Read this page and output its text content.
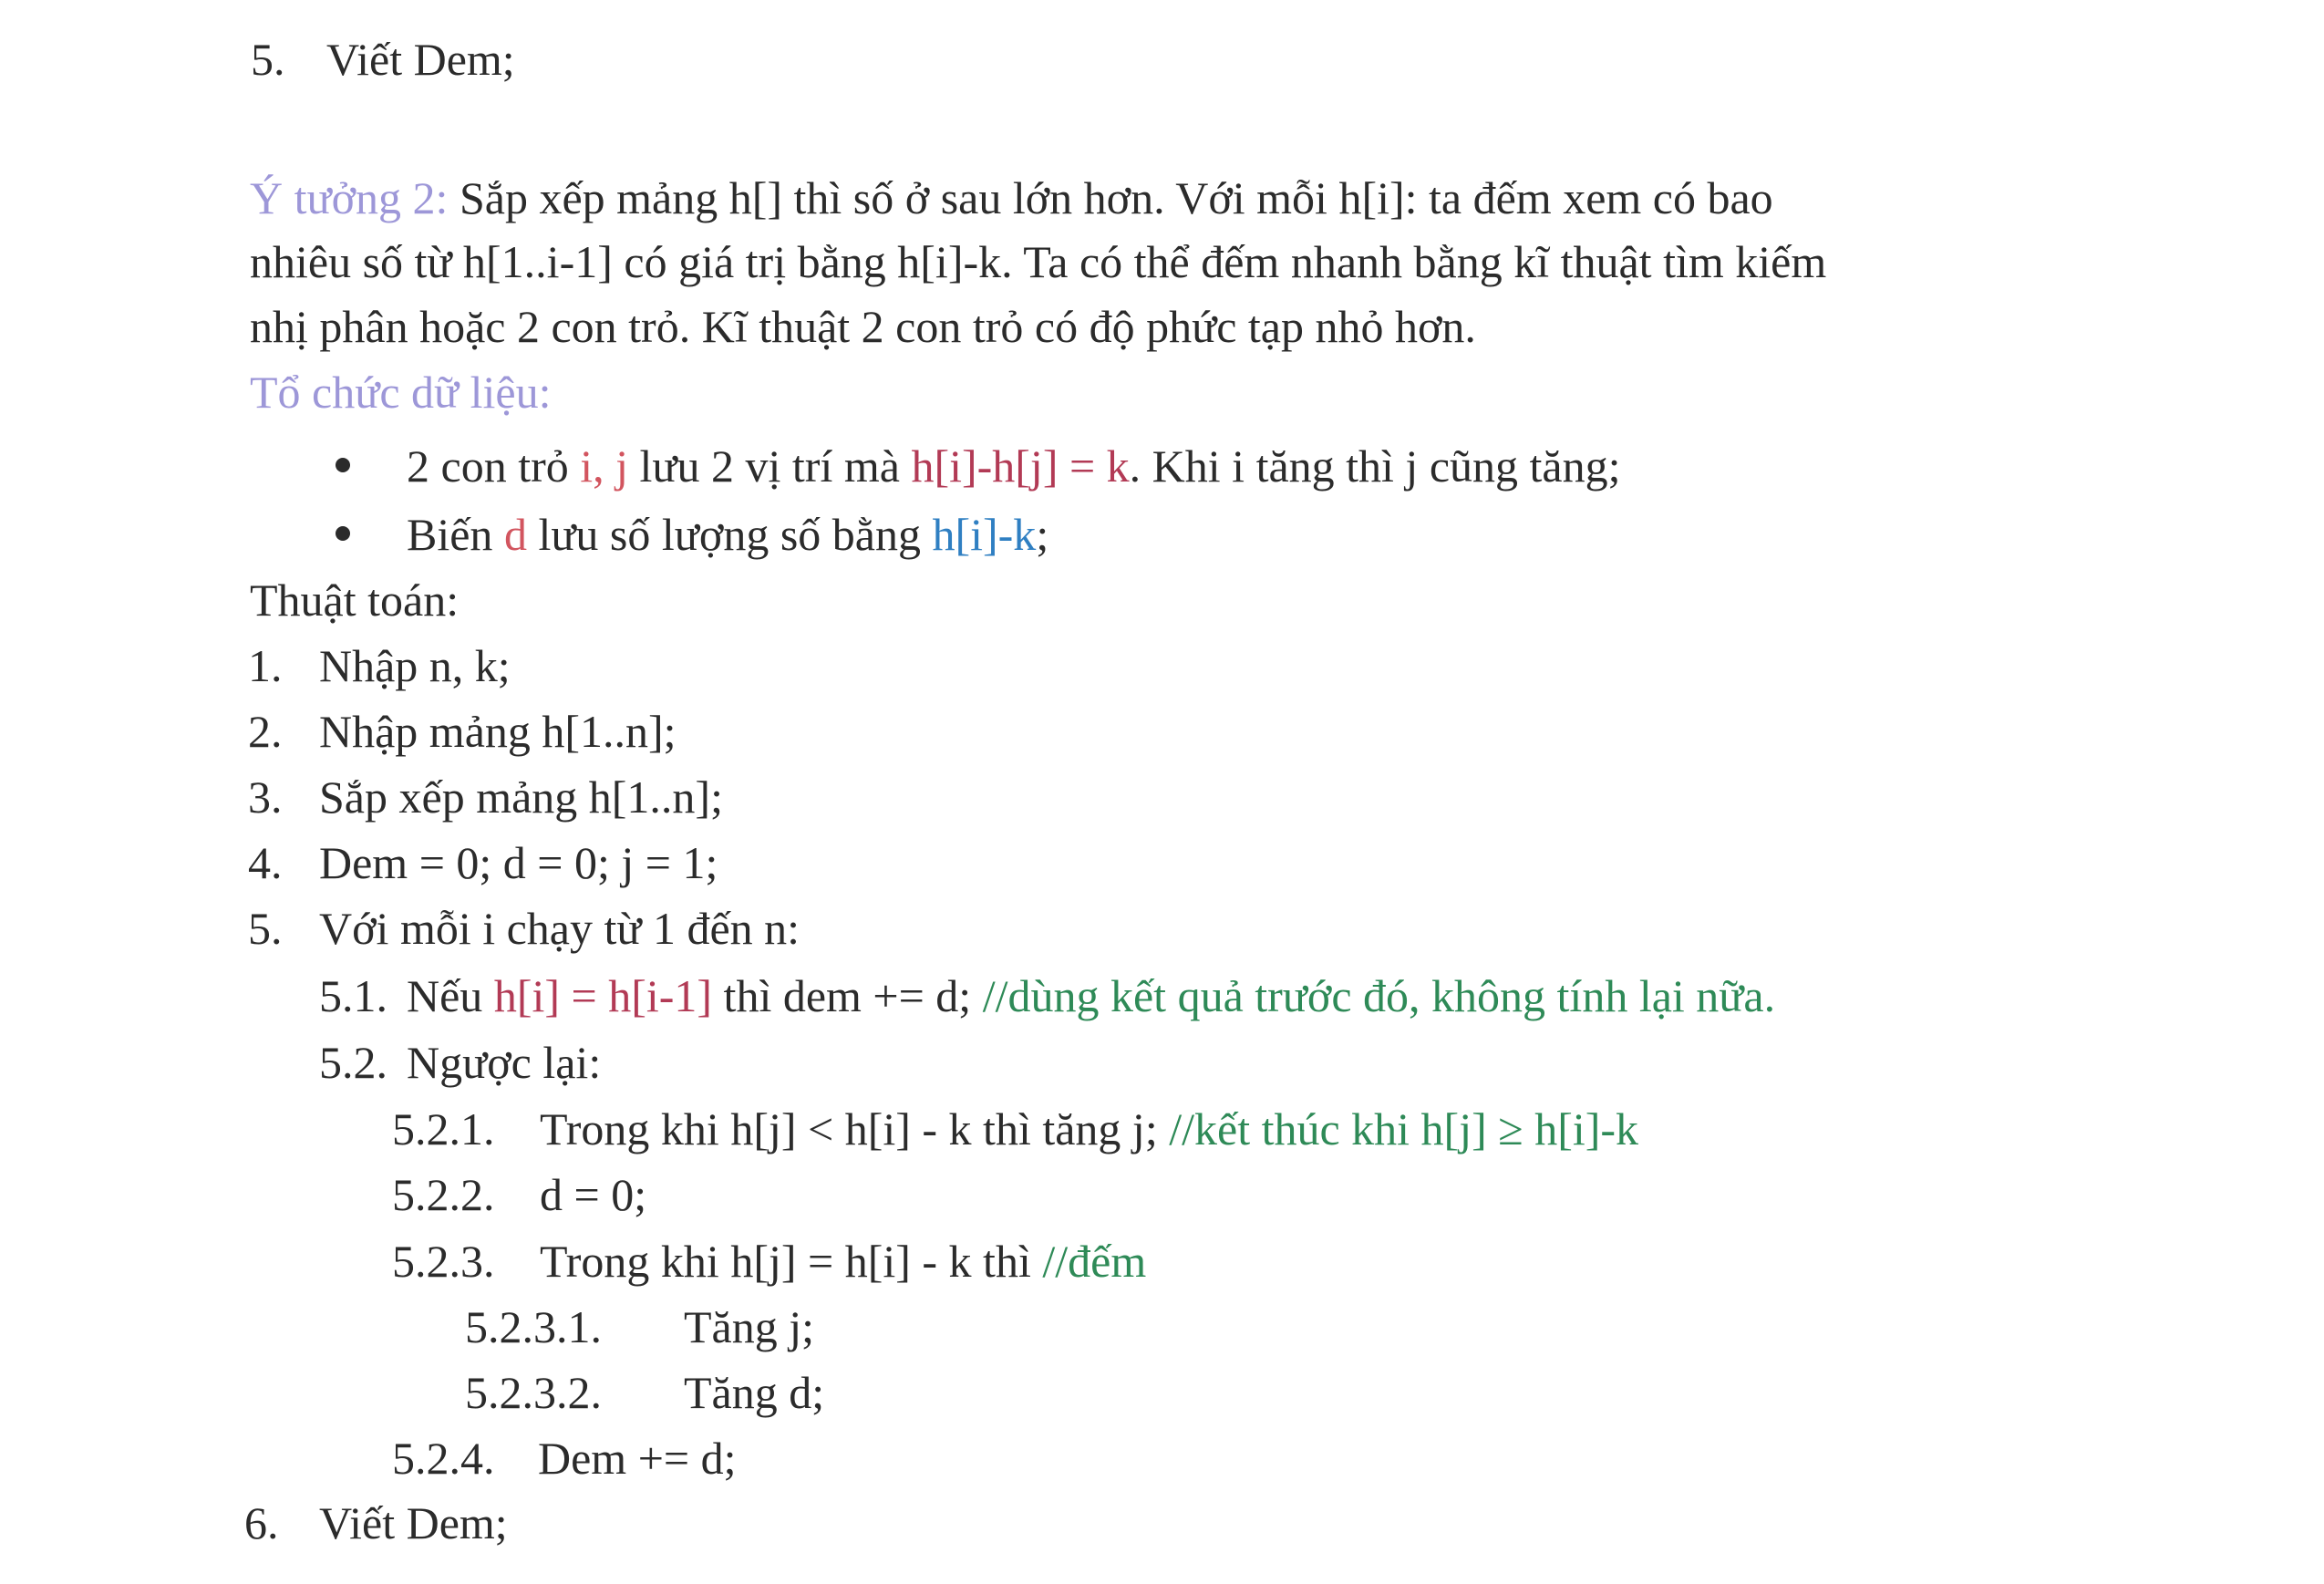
5. Viết Dem;
Ý tưởng 2: Sắp xếp mảng h[] thì số ở sau lớn hơn. Với mỗi h[i]: ta đếm xem có bao
nhiêu số từ h[1..i-1] có giá trị bằng h[i]-k. Ta có thể đếm nhanh bằng kĩ thuật tìm kiếm
nhị phân hoặc 2 con trỏ. Kĩ thuật 2 con trỏ có độ phức tạp nhỏ hơn.
Tổ chức dữ liệu:
2 con trỏ i, j lưu 2 vị trí mà h[i]-h[j] = k. Khi i tăng thì j cũng tăng;
Biến d lưu số lượng số bằng h[i]-k;
Thuật toán:
1. Nhập n, k;
2. Nhập mảng h[1..n];
3. Sắp xếp mảng h[1..n];
4. Dem = 0; d = 0; j = 1;
5. Với mỗi i chạy từ 1 đến n:
5.1. Nếu h[i] = h[i-1] thì dem += d; //dùng kết quả trước đó, không tính lại nữa.
5.2. Ngược lại:
5.2.1. Trong khi h[j] < h[i] - k thì tăng j; //kết thúc khi h[j] ≥ h[i]-k
5.2.2. d = 0;
5.2.3. Trong khi h[j] = h[i] - k thì //đếm
5.2.3.1. Tăng j;
5.2.3.2. Tăng d;
5.2.4. Dem += d;
6. Viết Dem;
